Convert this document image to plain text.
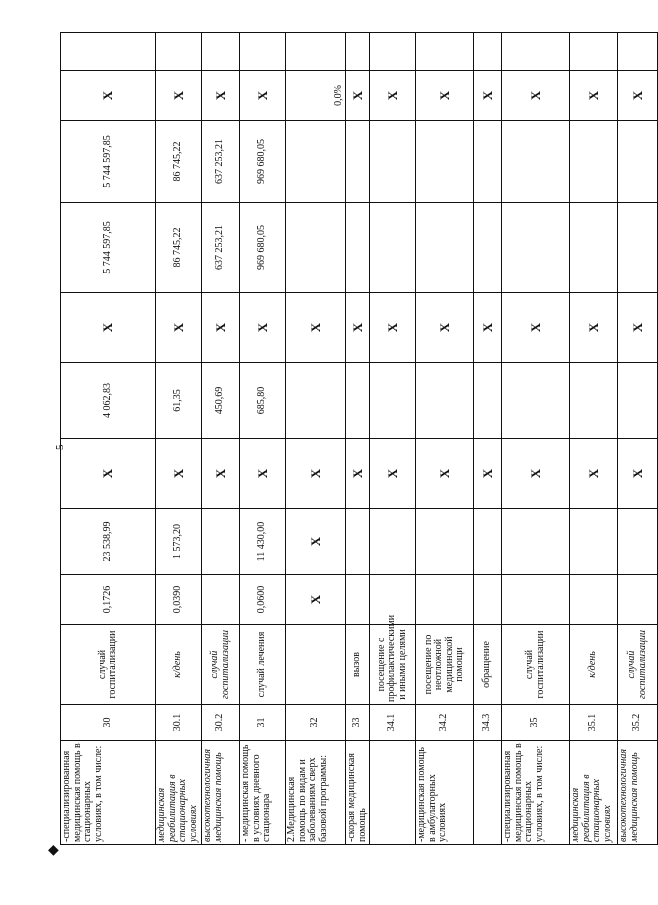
5
◆
-специализированная медицинская помощь в стационарных условиях, в том числе:	30	случай госпитализации	0,1726	23 538,99	X	4 062,83	X	5 744 597,85	5 744 597,85	X	
медицинская реабилитация в стационарных условиях	30.1	к/день	0,0390	1 573,20	X	61,35	X	86 745,22	86 745,22	X	
высокотехнологичная медицинская помощь	30.2	случай госпитализации			X	450,69	X	637 253,21	637 253,21	X	
- медицинская помощь в условиях дневного стационара	31	случай лечения	0,0600	11 430,00	X	685,80	X	969 680,05	969 680,05	X	
2.Медицинская помощь по видам и заболеваниям сверх базовой программы:	32		X	X	X		X			0,0%	
-скорая медицинская помощь	33	вызов			X		X			X	
	34.1	посещение с профилактическими и иными целями			X		X			X	
-медицинская помощь в амбулаторных условиях	34.2	посещение по неотложной медицинской помощи			X		X			X	
	34.3	обращение			X		X			X	
-специализированная медицинская помощь в стационарных условиях, в том числе:	35	случай госпитализации			X		X			X	
медицинская реабилитация в стационарных условиях	35.1	к/день			X		X			X	
высокотехнологичная медицинская помощь	35.2	случай госпитализации			X		X			X	
